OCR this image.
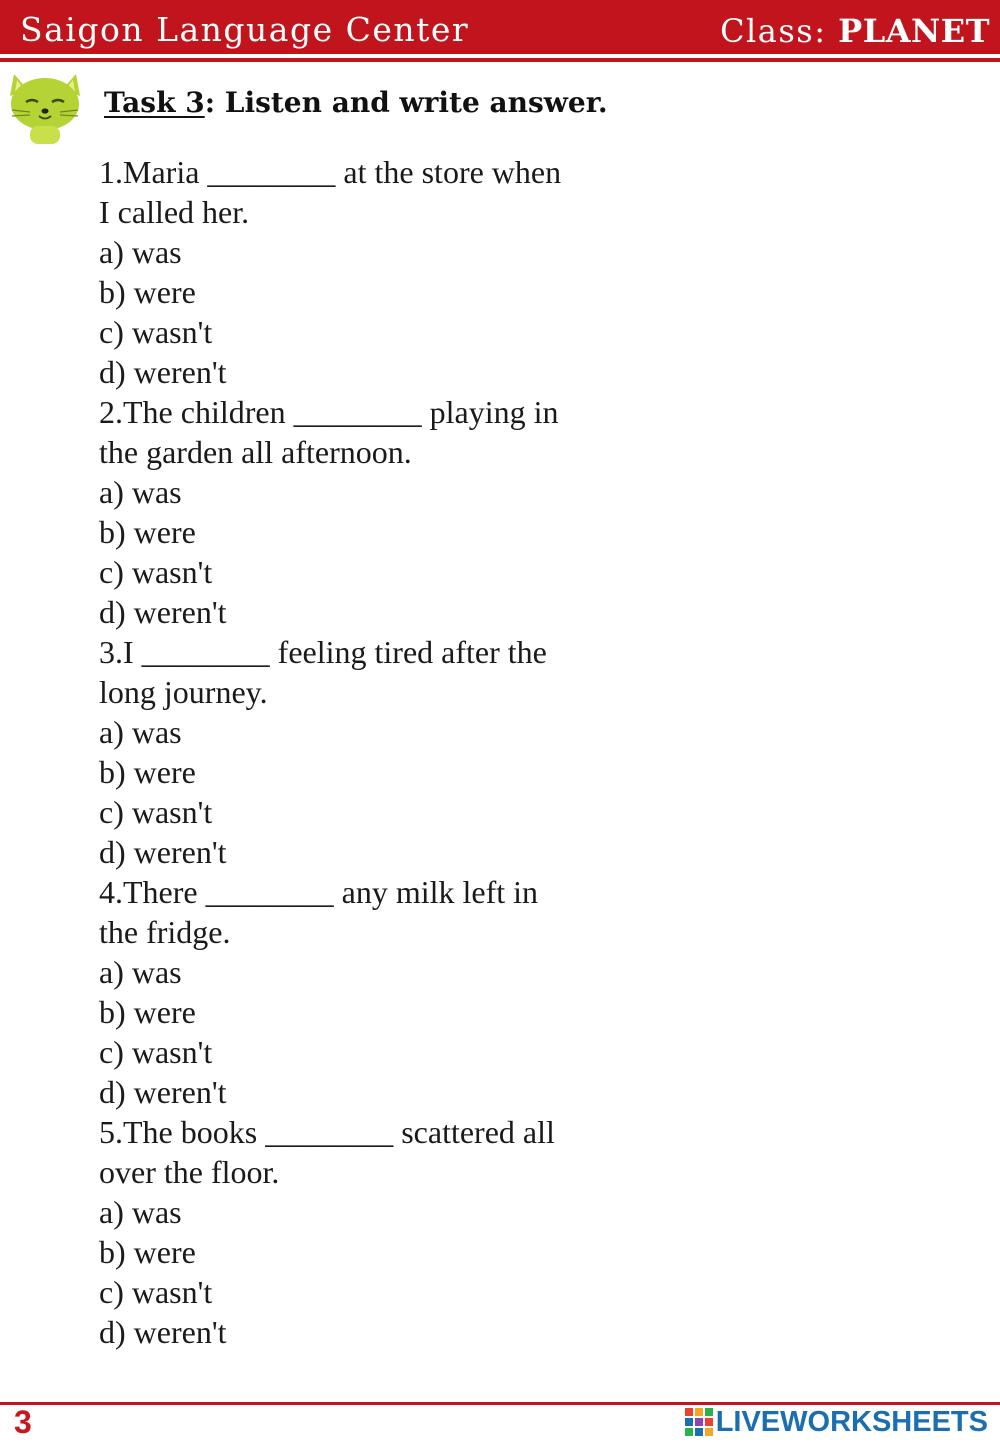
Saigon Language Center	Class: PLANET
Task 3: Listen and write answer.
1.Maria ________ at the store when
I called her.
a) was
b) were
c) wasn't
d) weren't
2.The children ________ playing in
the garden all afternoon.
a) was
b) were
c) wasn't
d) weren't
3.I ________ feeling tired after the
long journey.
a) was
b) were
c) wasn't
d) weren't
4.There ________ any milk left in
the fridge.
a) was
b) were
c) wasn't
d) weren't
5.The books ________ scattered all
over the floor.
a) was
b) were
c) wasn't
d) weren't
3	LIVEWORKSHEETS
